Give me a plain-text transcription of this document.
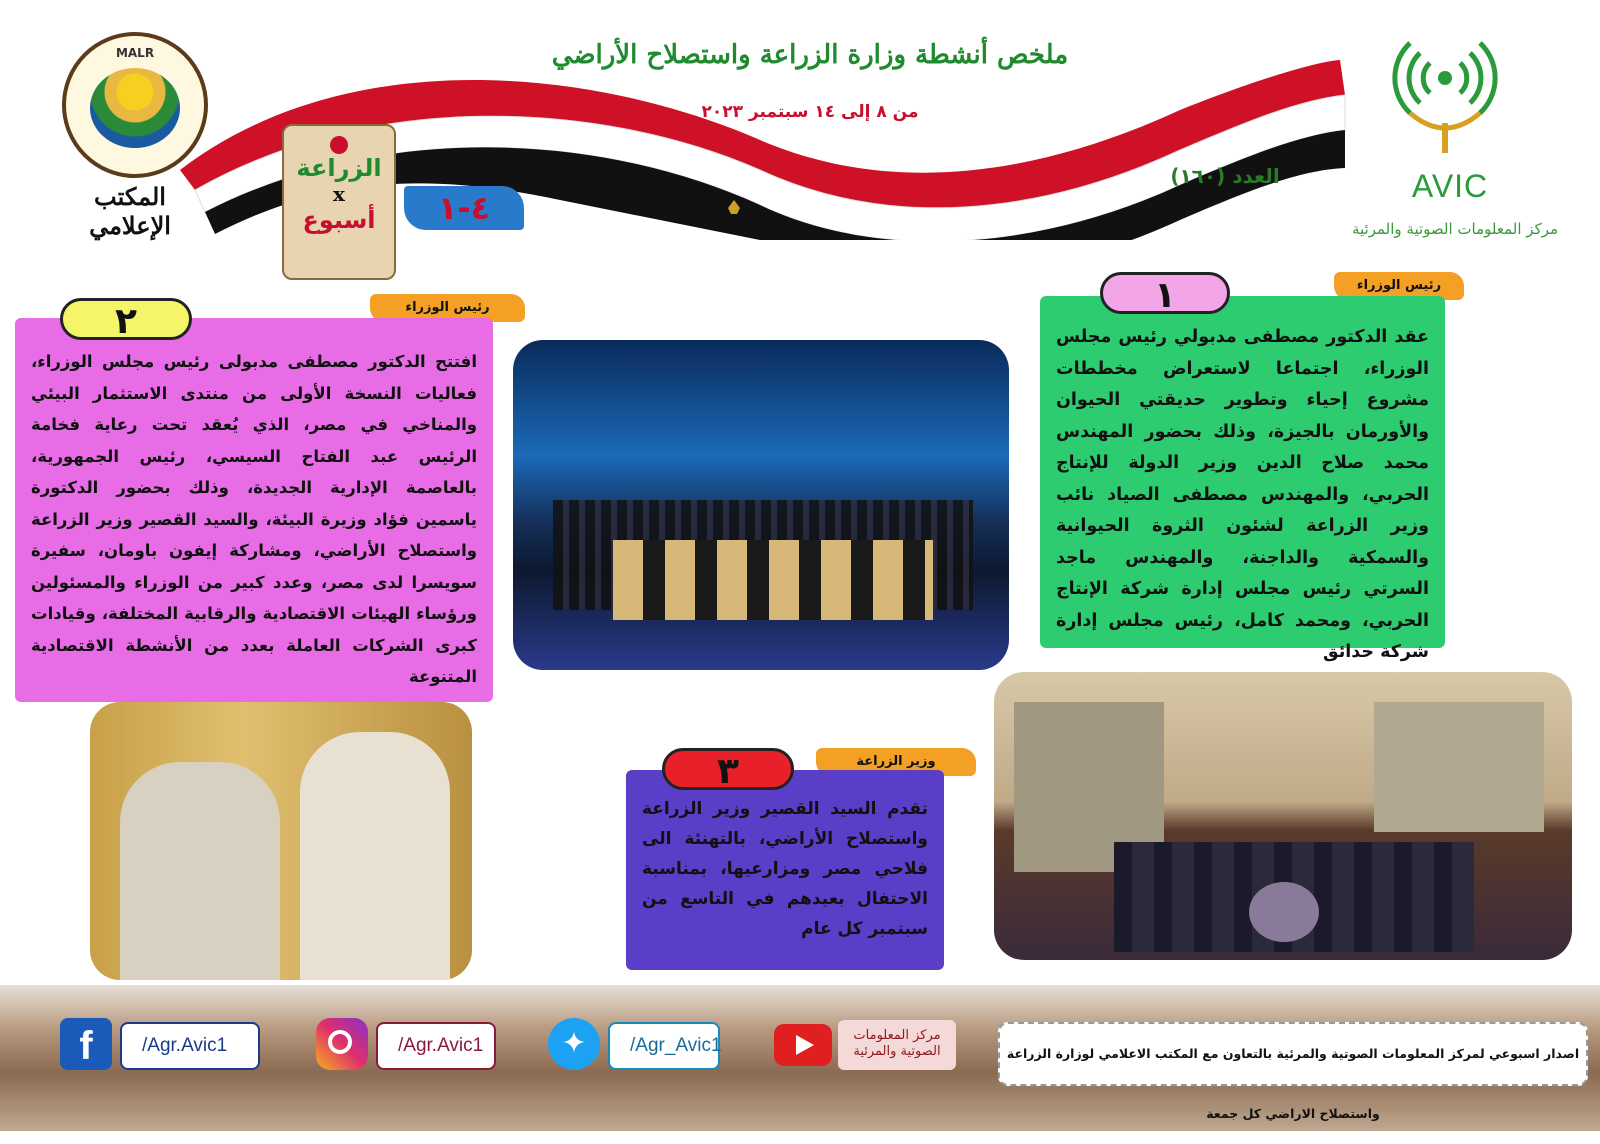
ملخص أنشطة وزارة الزراعة واستصلاح الأراضي
من ٨ إلى ١٤ سبتمبر ٢٠٢٣
العدد (١٦٠)
MALR
المكتب الإعلامي
AVIC
مركز المعلومات الصوتية والمرئية
الزراعة
x
أسبوع	٤-١
رئيس الوزراء
عقد الدكتور مصطفى مدبولي رئيس مجلس الوزراء، اجتماعا لاستعراض مخططات مشروع إحياء وتطوير حديقتي الحيوان والأورمان بالجيزة، وذلك بحضور المهندس محمد صلاح الدين وزير الدولة للإنتاج الحربي، والمهندس مصطفى الصياد نائب وزير الزراعة لشئون الثروة الحيوانية والسمكية والداجنة، والمهندس ماجد السرتي رئيس مجلس إدارة شركة الإنتاج الحربي، ومحمد كامل، رئيس مجلس إدارة شركة حدائق
١
رئيس الوزراء
افتتح الدكتور مصطفى مدبولى رئيس مجلس الوزراء، فعاليات النسخة الأولى من منتدى الاستثمار البيئي والمناخي في مصر، الذي يُعقد تحت رعاية فخامة الرئيس عبد الفتاح السيسي، رئيس الجمهورية، بالعاصمة الإدارية الجديدة، وذلك بحضور الدكتورة ياسمين فؤاد وزيرة البيئة، والسيد القصير وزير الزراعة واستصلاح الأراضي، ومشاركة إيفون باومان، سفيرة سويسرا لدى مصر، وعدد كبير من الوزراء والمسئولين ورؤساء الهيئات الاقتصادية والرقابية المختلفة، وقيادات كبرى الشركات العاملة بعدد من الأنشطة الاقتصادية المتنوعة
٢
وزير الزراعة
تقدم السيد القصير وزير الزراعة واستصلاح الأراضي، بالتهنئة الى فلاحي مصر ومزارعيها، بمناسبة الاحتفال بعيدهم في التاسع من سبتمبر كل عام
٣
f	/Agr.Avic1	/Agr.Avic1	✦	/Agr_Avic1	مركز المعلومات الصوتية والمرئية	اصدار اسبوعي لمركز المعلومات الصوتية والمرئية بالتعاون مع المكتب الاعلامي لوزارة الزراعة واستصلاح الاراضي كل جمعة
